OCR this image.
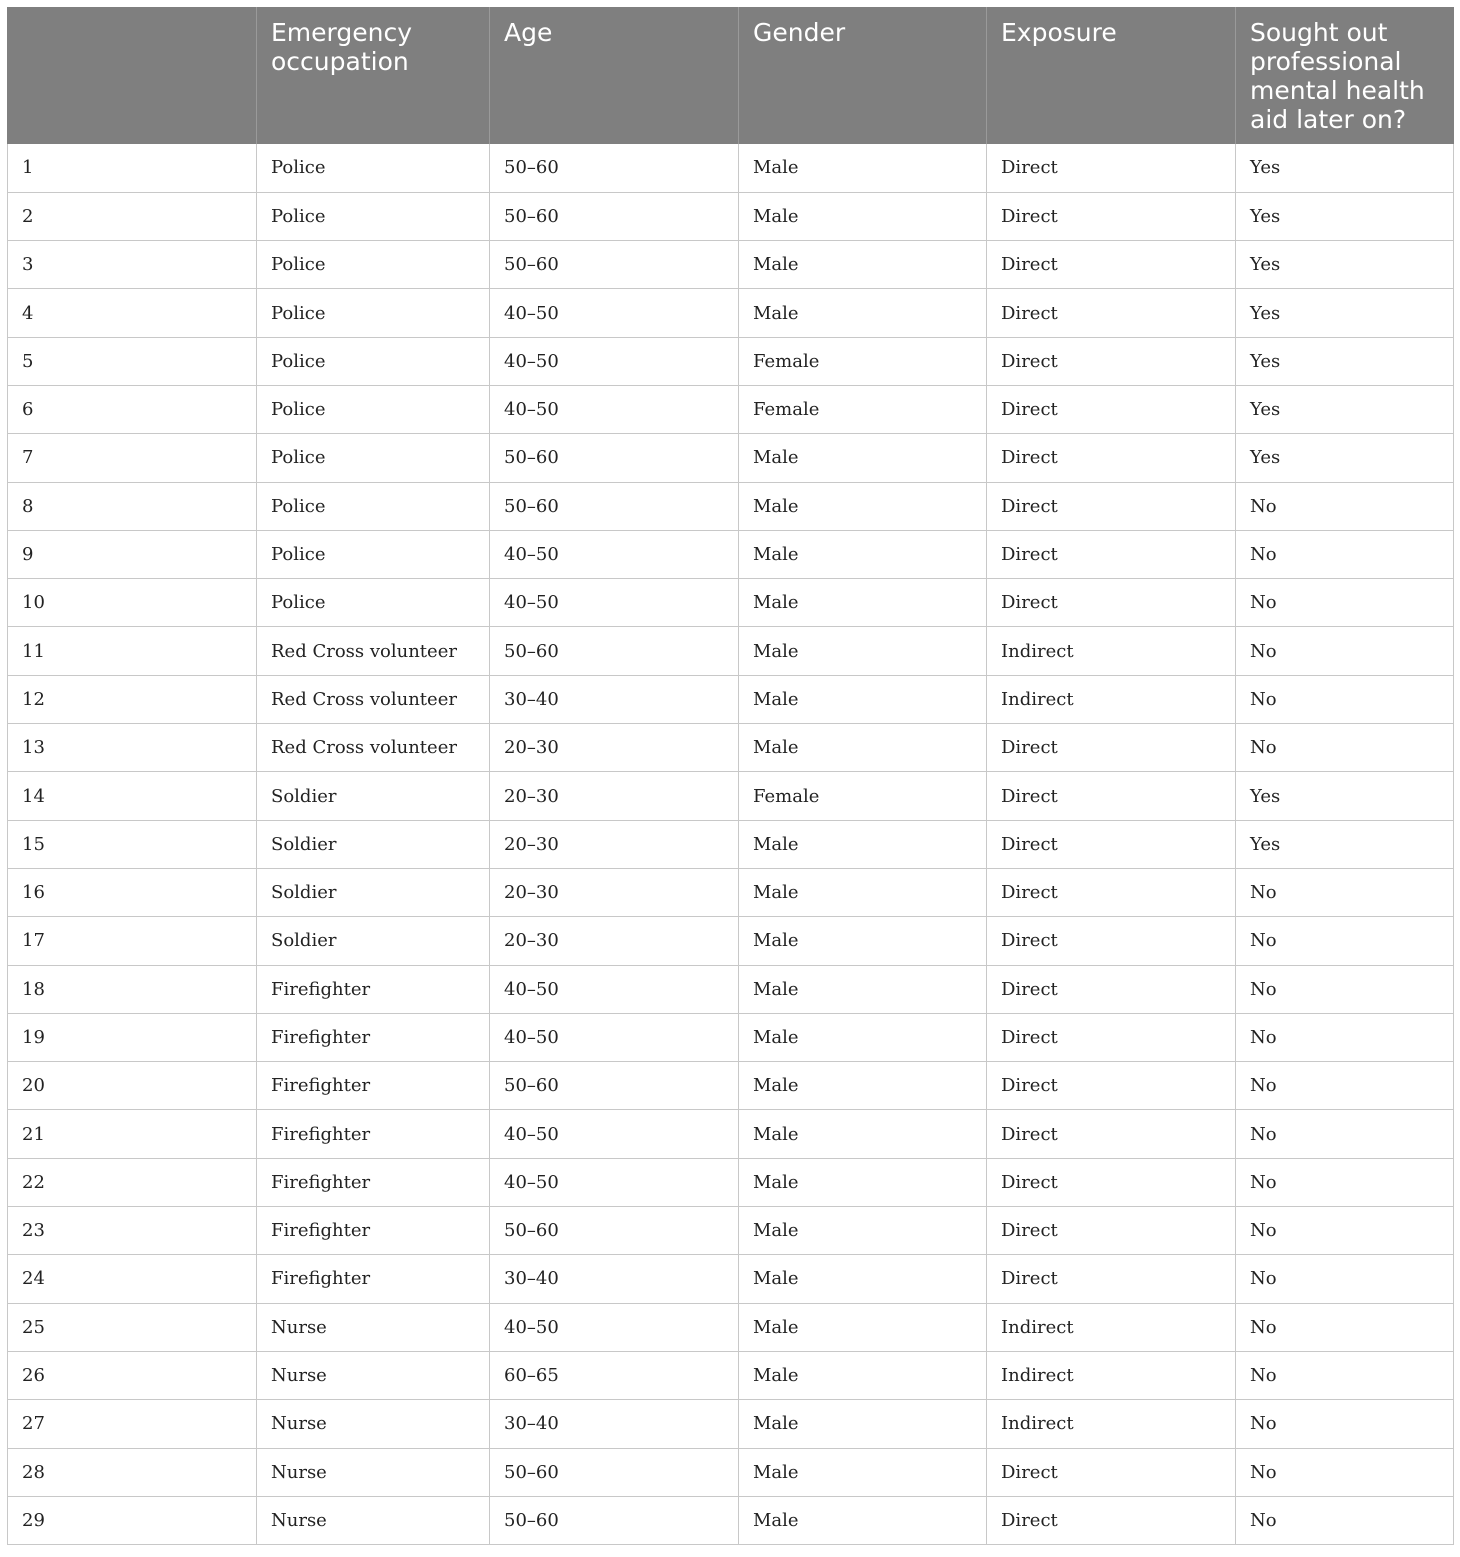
	Emergency occupation	Age	Gender	Exposure	Sought out professional mental health aid later on?
1	Police	50–60	Male	Direct	Yes
2	Police	50–60	Male	Direct	Yes
3	Police	50–60	Male	Direct	Yes
4	Police	40–50	Male	Direct	Yes
5	Police	40–50	Female	Direct	Yes
6	Police	40–50	Female	Direct	Yes
7	Police	50–60	Male	Direct	Yes
8	Police	50–60	Male	Direct	No
9	Police	40–50	Male	Direct	No
10	Police	40–50	Male	Direct	No
11	Red Cross volunteer	50–60	Male	Indirect	No
12	Red Cross volunteer	30–40	Male	Indirect	No
13	Red Cross volunteer	20–30	Male	Direct	No
14	Soldier	20–30	Female	Direct	Yes
15	Soldier	20–30	Male	Direct	Yes
16	Soldier	20–30	Male	Direct	No
17	Soldier	20–30	Male	Direct	No
18	Firefighter	40–50	Male	Direct	No
19	Firefighter	40–50	Male	Direct	No
20	Firefighter	50–60	Male	Direct	No
21	Firefighter	40–50	Male	Direct	No
22	Firefighter	40–50	Male	Direct	No
23	Firefighter	50–60	Male	Direct	No
24	Firefighter	30–40	Male	Direct	No
25	Nurse	40–50	Male	Indirect	No
26	Nurse	60–65	Male	Indirect	No
27	Nurse	30–40	Male	Indirect	No
28	Nurse	50–60	Male	Direct	No
29	Nurse	50–60	Male	Direct	No
